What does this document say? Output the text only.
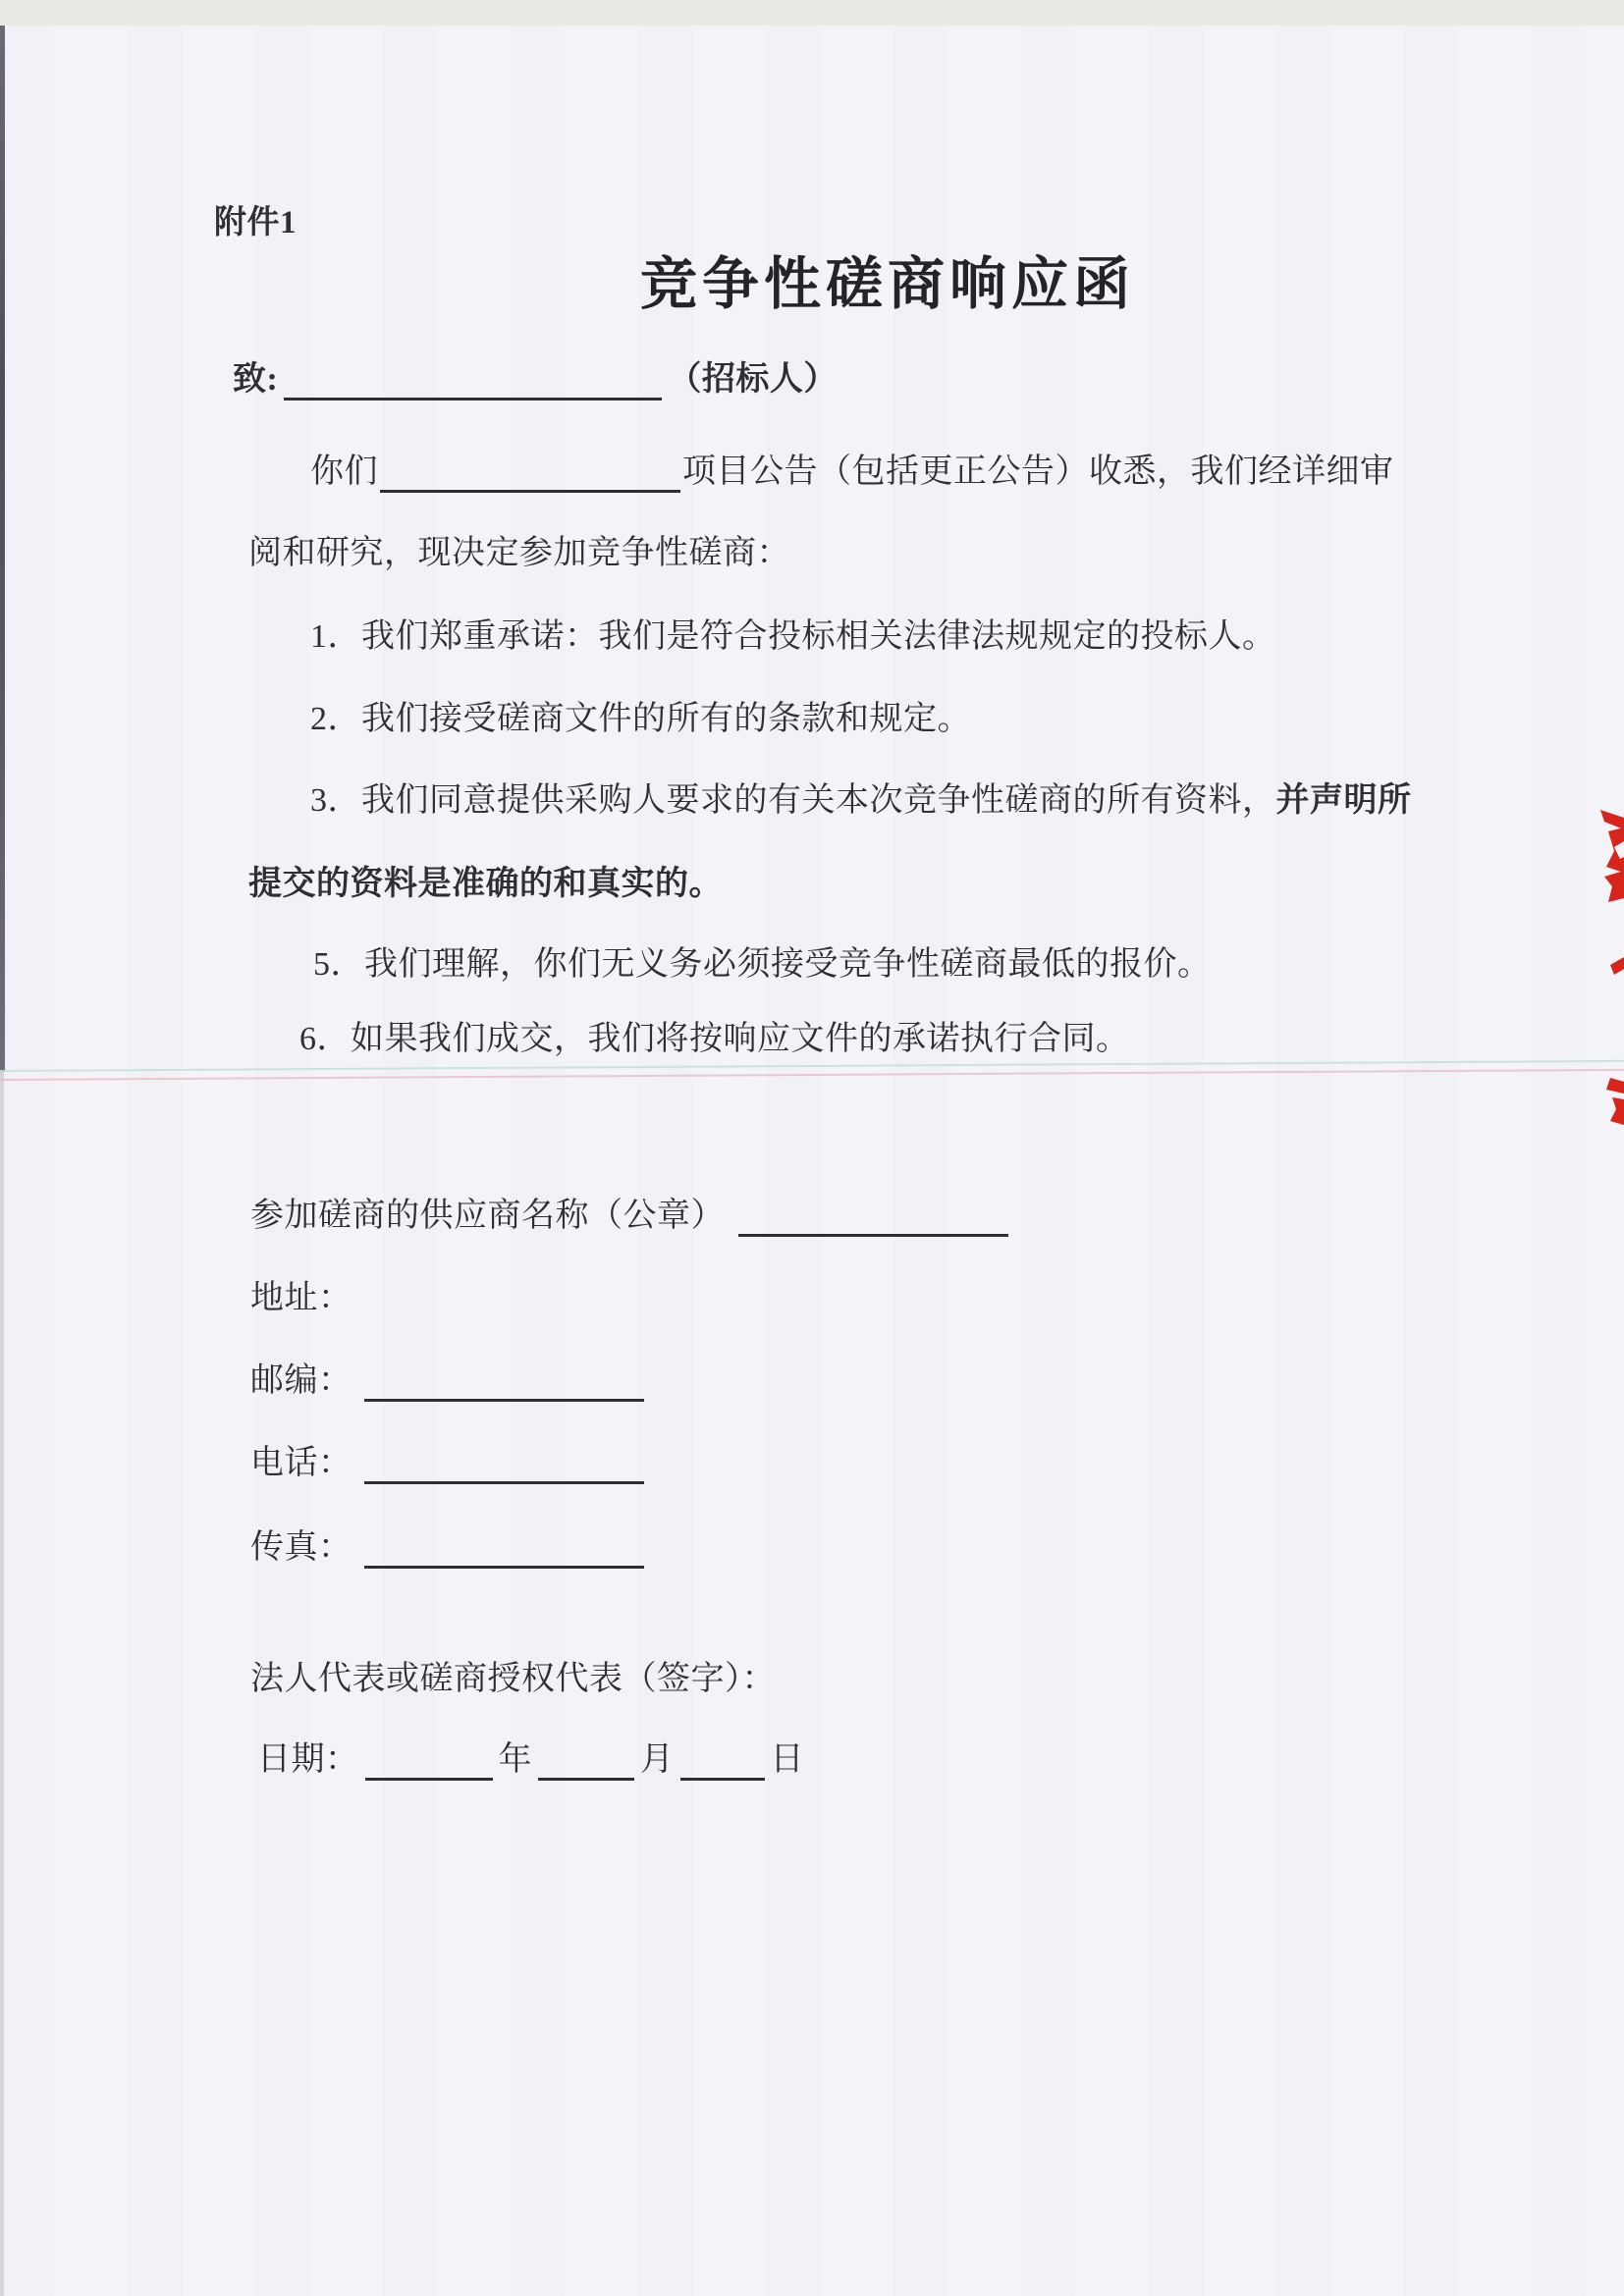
附件1
竞争性磋商响应函
致:	（招标人）
你们	项目公告（包括更正公告）收悉，我们经详细审
阅和研究，现决定参加竞争性磋商：
1．我们郑重承诺：我们是符合投标相关法律法规规定的投标人。
2．我们接受磋商文件的所有的条款和规定。
3．我们同意提供采购人要求的有关本次竞争性磋商的所有资料，并声明所
提交的资料是准确的和真实的。
5．我们理解，你们无义务必须接受竞争性磋商最低的报价。
6．如果我们成交，我们将按响应文件的承诺执行合同。
参加磋商的供应商名称（公章）
地址：
邮编：
电话：
传真：
法人代表或磋商授权代表（签字）：
日期：	年	月	日
